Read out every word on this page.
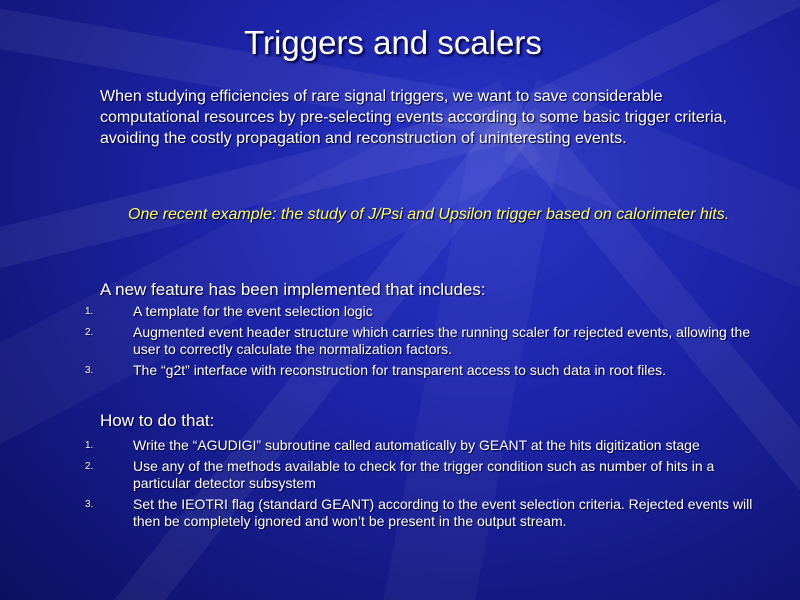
Triggers and scalers
When studying efficiencies of rare signal triggers, we want to save considerable computational resources by pre-selecting events according to some basic trigger criteria, avoiding the costly propagation and reconstruction of uninteresting events.
One recent example: the study of J/Psi and Upsilon trigger based on calorimeter hits.
A new feature has been implemented that includes:
1.	A template for the event selection logic
2.	Augmented event header structure which carries the running scaler for rejected events, allowing the user to correctly calculate the normalization factors.
3.	The “g2t” interface with reconstruction for transparent access to such data in root files.
How to do that:
1.	Write the “AGUDIGI” subroutine called automatically by GEANT at the hits digitization stage
2.	Use any of the methods available to check for the trigger condition such as number of hits in a particular detector subsystem
3.	Set the IEOTRI flag (standard GEANT) according to the event selection criteria. Rejected events will then be completely ignored and won’t be present in the output stream.
